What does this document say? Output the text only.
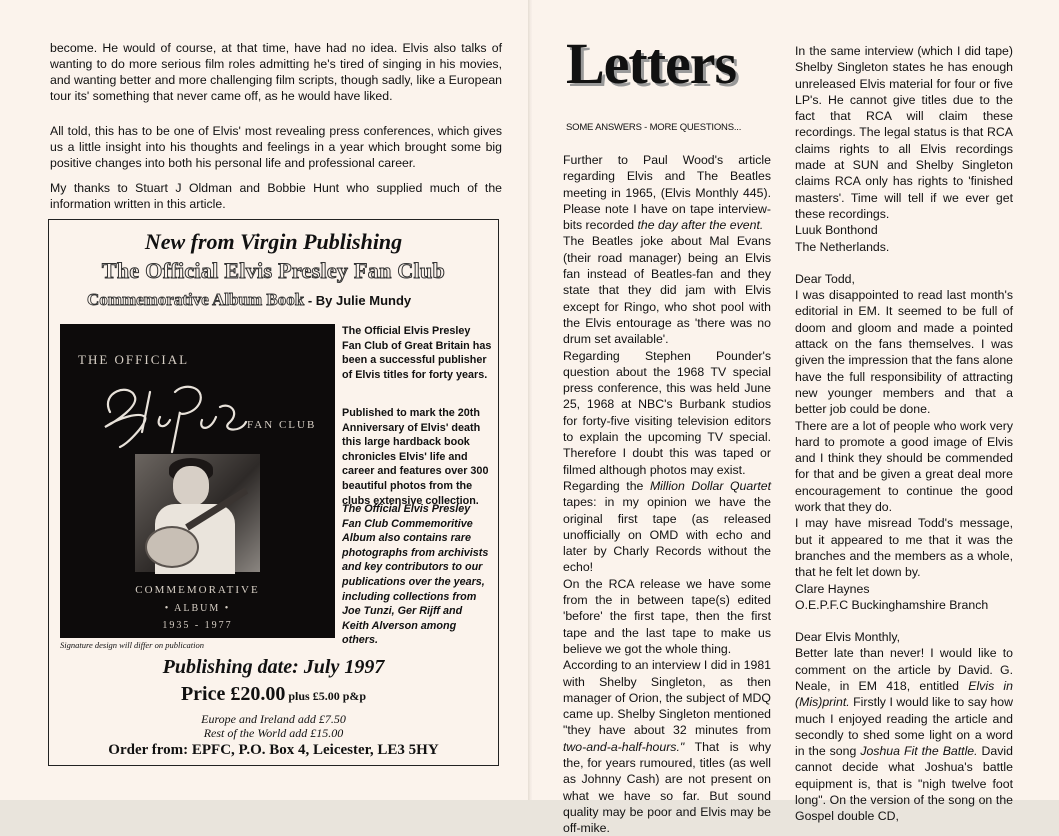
become. He would of course, at that time, have had no idea. Elvis also talks of wanting to do more serious film roles admitting he's tired of singing in his movies, and wanting better and more challenging film scripts, though sadly, like a European tour its' something that never came off, as he would have liked.

All told, this has to be one of Elvis' most revealing press conferences, which gives us a little insight into his thoughts and feelings in a year which brought some big positive changes into both his personal life and professional career.

My thanks to Stuart J Oldman and Bobbie Hunt who supplied much of the information written in this article.

New from Virgin Publishing

The Official Elvis Presley Fan Club

Commemorative Album Book - By Julie Mundy

THE OFFICIAL

FAN CLUB

COMMEMORATIVE

• ALBUM •

1935 - 1977

Signature design will differ on publication

The Official Elvis Presley Fan Club of Great Britain has been a successful publisher of Elvis titles for forty years.

Published to mark the 20th Anniversary of Elvis' death this large hardback book chronicles Elvis' life and career and features over 300 beautiful photos from the clubs extensive collection.

The Official Elvis Presley Fan Club Commemoritive Album also contains rare photographs from archivists and key contributors to our publications over the years, including collections from Joe Tunzi, Ger Rijff and Keith Alverson among others.

Publishing date: July 1997

Price £20.00 plus £5.00 p&p

Europe and Ireland add £7.50

Rest of the World add £15.00

Order from: EPFC, P.O. Box 4, Leicester, LE3 5HY

Letters

SOME ANSWERS - MORE QUESTIONS...

Further to Paul Wood's article regarding Elvis and The Beatles meeting in 1965, (Elvis Monthly 445). Please note I have on tape interview-bits recorded the day after the event.

The Beatles joke about Mal Evans (their road manager) being an Elvis fan instead of Beatles-fan and they state that they did jam with Elvis except for Ringo, who shot pool with the Elvis entourage as 'there was no drum set available'.

Regarding Stephen Pounder's question about the 1968 TV special press conference, this was held June 25, 1968 at NBC's Burbank studios for forty-five visiting television editors to explain the upcoming TV special. Therefore I doubt this was taped or filmed although photos may exist.

Regarding the Million Dollar Quartet tapes: in my opinion we have the original first tape (as released unofficially on OMD with echo and later by Charly Records without the echo!

On the RCA release we have some from the in between tape(s) edited 'before' the first tape, then the first tape and the last tape to make us believe we got the whole thing.

According to an interview I did in 1981 with Shelby Singleton, as then manager of Orion, the subject of MDQ came up. Shelby Singleton mentioned "they have about 32 minutes from two-and-a-half-hours." That is why the, for years rumoured, titles (as well as Johnny Cash) are not present on what we have so far. But sound quality may be poor and Elvis may be off-mike.

In the same interview (which I did tape) Shelby Singleton states he has enough unreleased Elvis material for four or five LP's. He cannot give titles due to the fact that RCA will claim these recordings. The legal status is that RCA claims rights to all Elvis recordings made at SUN and Shelby Singleton claims RCA only has rights to 'finished masters'. Time will tell if we ever get these recordings.

Luuk Bonthond

The Netherlands.

Dear Todd,

I was disappointed to read last month's editorial in EM. It seemed to be full of doom and gloom and made a pointed attack on the fans themselves. I was given the impression that the fans alone have the full responsibility of attracting new younger members and that a better job could be done.

There are a lot of people who work very hard to promote a good image of Elvis and I think they should be commended for that and be given a great deal more encouragement to continue the good work that they do.

I may have misread Todd's message, but it appeared to me that it was the branches and the members as a whole, that he felt let down by.

Clare Haynes

O.E.P.F.C Buckinghamshire Branch

Dear Elvis Monthly,

Better late than never! I would like to comment on the article by David. G. Neale, in EM 418, entitled Elvis in (Mis)print. Firstly I would like to say how much I enjoyed reading the article and secondly to shed some light on a word in the song Joshua Fit the Battle. David cannot decide what Joshua's battle equipment is, that is "nigh twelve foot long". On the version of the song on the Gospel double CD,
